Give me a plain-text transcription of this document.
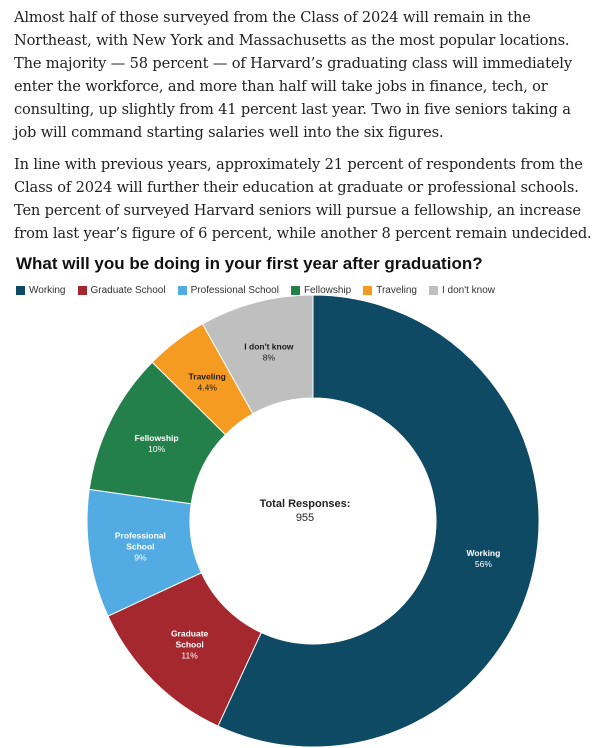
Almost half of those surveyed from the Class of 2024 will remain in the Northeast, with New York and Massachusetts as the most popular locations. The majority — 58 percent — of Harvard’s graduating class will immediately enter the workforce, and more than half will take jobs in finance, tech, or consulting, up slightly from 41 percent last year. Two in five seniors taking a job will command starting salaries well into the six figures.

In line with previous years, approximately 21 percent of respondents from the Class of 2024 will further their education at graduate or professional schools. Ten percent of surveyed Harvard seniors will pursue a fellowship, an increase from last year’s figure of 6 percent, while another 8 percent remain undecided.

What will you be doing in your first year after graduation?
Working	Graduate School	Professional School	Fellowship	Traveling	I don't know
Working
56%
Graduate
School
11%
Professional
School
9%
Fellowship
10%
Traveling
4.4%
I don't know
8%
Total Responses:
955
